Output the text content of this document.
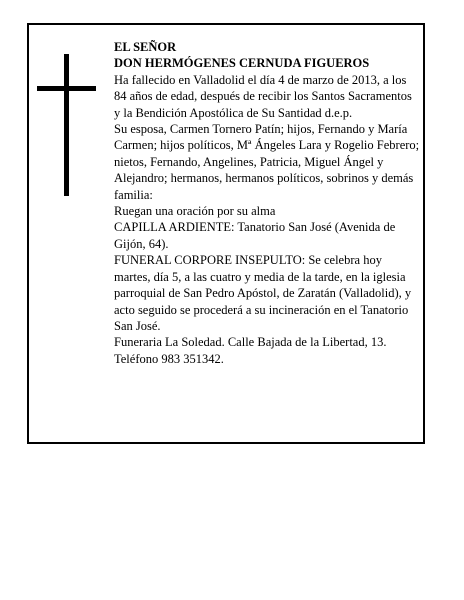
EL SEÑOR

DON HERMÓGENES CERNUDA FIGUEROS

Ha fallecido en Valladolid el día 4 de marzo de 2013, a los 84 años de edad, después de recibir los Santos Sacramentos y la Bendición Apostólica de Su Santidad d.e.p.

Su esposa, Carmen Tornero Patín; hijos, Fernando y María Carmen; hijos políticos, Mª Ángeles Lara y Rogelio Febrero; nietos, Fernando, Angelines, Patricia, Miguel Ángel y Alejandro; hermanos, hermanos políticos, sobrinos y demás familia:

Ruegan una oración por su alma

CAPILLA ARDIENTE: Tanatorio San José (Avenida de Gijón, 64).

FUNERAL CORPORE INSEPULTO: Se celebra hoy martes, día 5, a las cuatro y media de la tarde, en la iglesia parroquial de San Pedro Apóstol, de Zaratán (Valladolid), y acto seguido se procederá a su incineración en el Tanatorio San José.

Funeraria La Soledad. Calle Bajada de la Libertad, 13. Teléfono 983 351342.
